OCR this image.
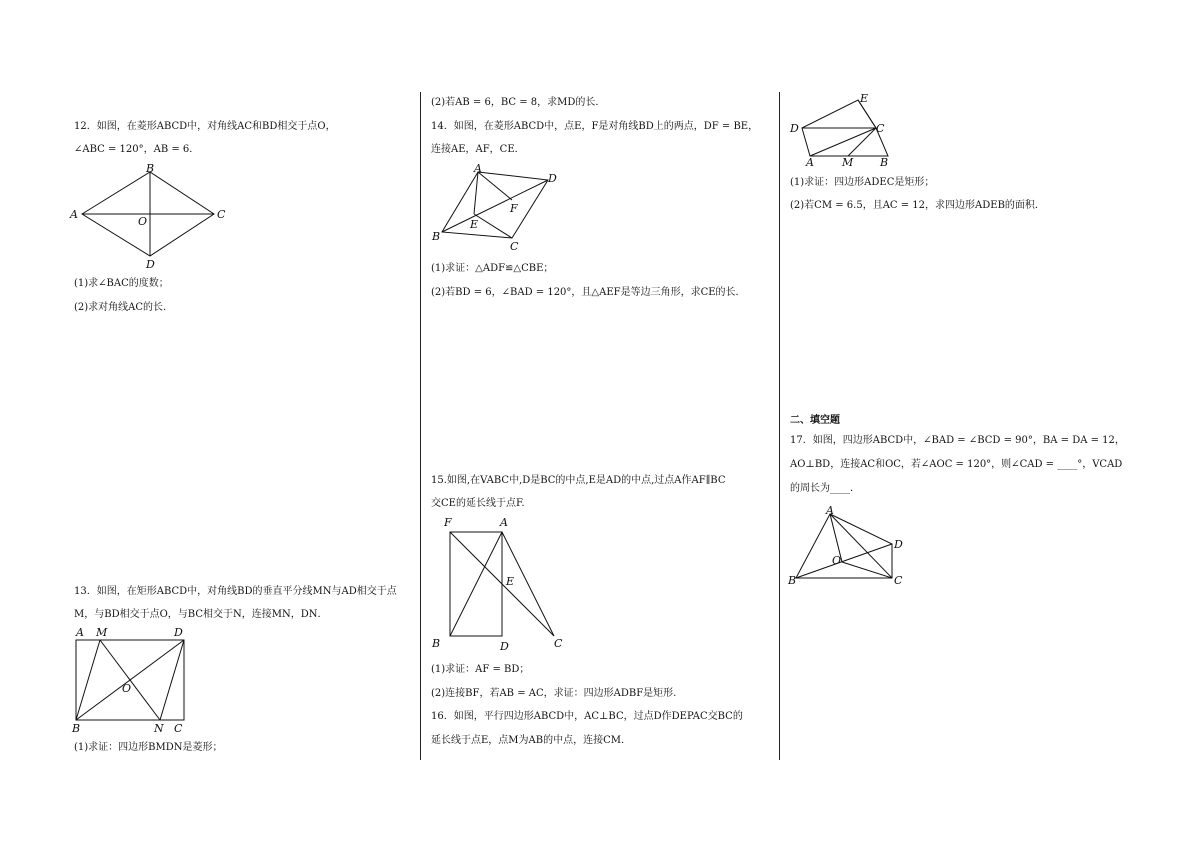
12．如图，在菱形ABCD中，对角线AC和BD相交于点O，
∠ABC = 120°，AB = 6．
A
B
C
D
O
(1)求∠BAC的度数；
(2)求对角线AC的长．
13．如图，在矩形ABCD中，对角线BD的垂直平分线MN与AD相交于点
M，与BD相交于点O，与BC相交于N，连接MN，DN．
A M	D
O
B	N C
(1)求证：四边形BMDN是菱形；
(2)若AB = 6，BC = 8，求MD的长．
14．如图，在菱形ABCD中，点E，F是对角线BD上的两点，DF = BE，
连接AE，AF，CE．
A
D
F
E
B
C
(1)求证：△ADF≌△CBE；
(2)若BD = 6，∠BAD = 120°，且△AEF是等边三角形，求CE的长．
15.如图,在VABC中,D是BC的中点,E是AD的中点,过点A作AF∥BC
交CE的延长线于点F.
F	A
E
B	D	C
(1)求证：AF = BD；
(2)连接BF，若AB = AC，求证：四边形ADBF是矩形.
16．如图，平行四边形ABCD中，AC⊥BC，过点D作DEPAC交BC的
延长线于点E，点M为AB的中点，连接CM．
E
D	C
A	M B
(1)求证：四边形ADEC是矩形；
(2)若CM = 6.5，且AC = 12，求四边形ADEB的面积．
二、填空题
17．如图，四边形ABCD中，∠BAD = ∠BCD = 90°，BA = DA = 12，
AO⊥BD，连接AC和OC，若∠AOC = 120°，则∠CAD = ____°，VCAD
的周长为____．
A
D
O
B	C
